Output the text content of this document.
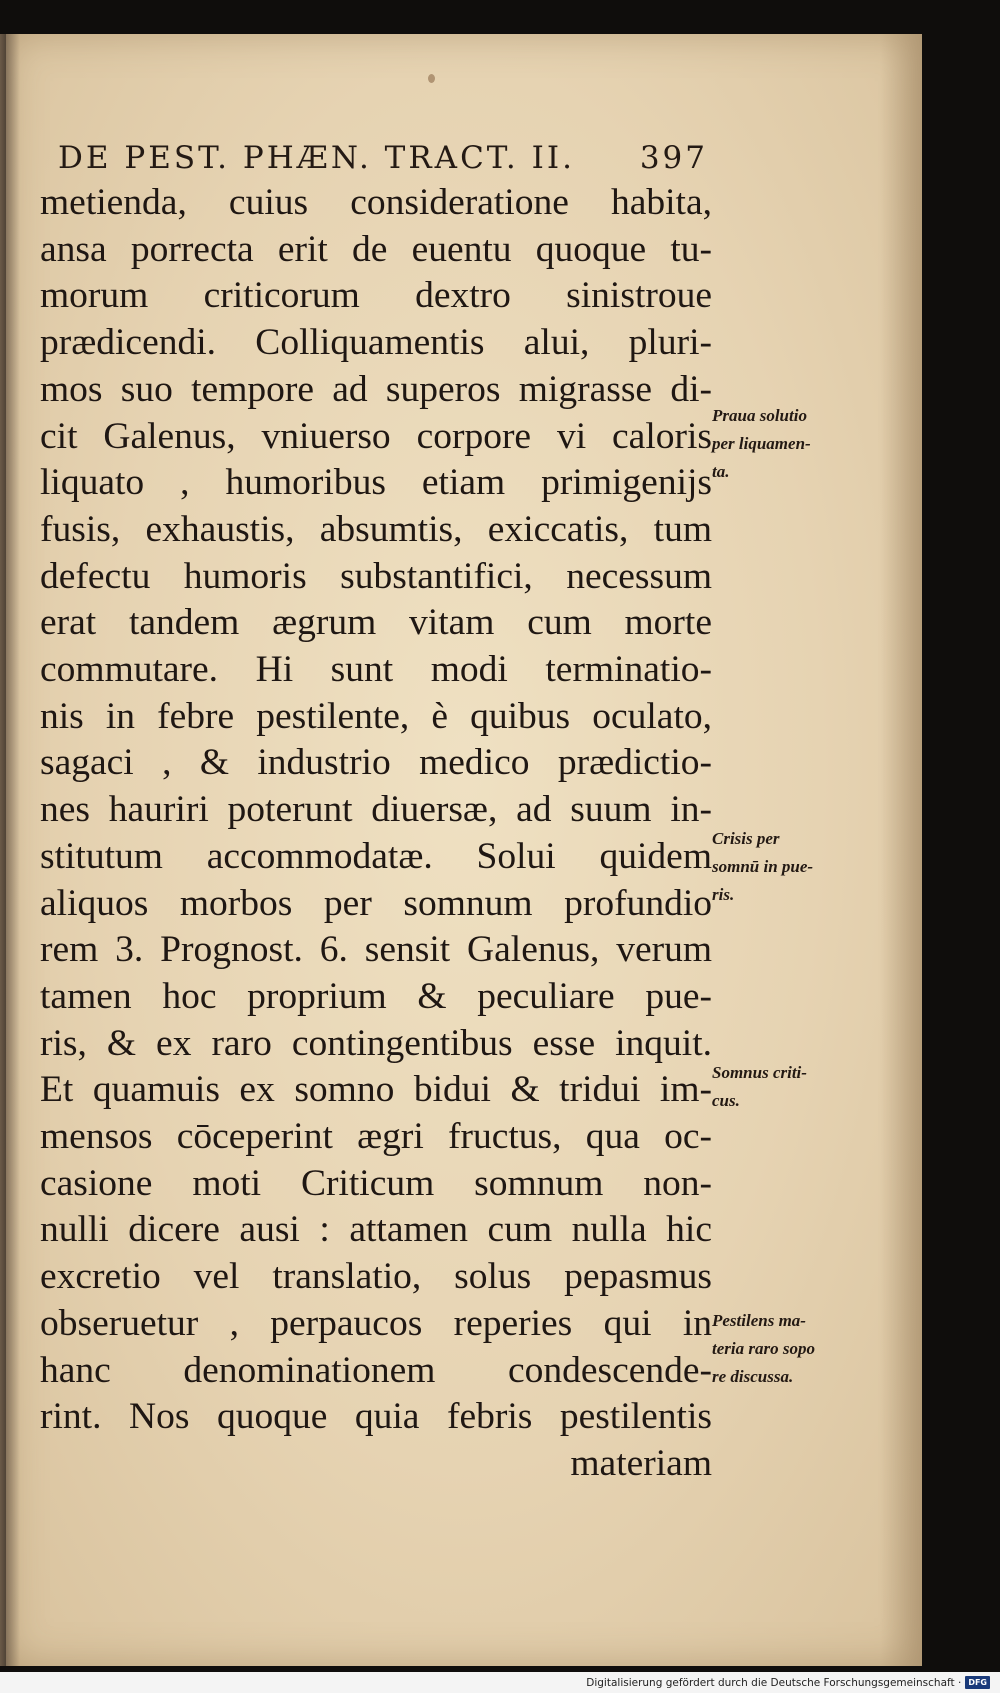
DE PEST. PHÆN. TRACT. II. 397
metienda, cuius consideratione habita,
ansa porrecta erit de euentu quoque tu-
morum criticorum dextro sinistroue
prædicendi. Colliquamentis alui, pluri-
mos suo tempore ad superos migrasse di-
cit Galenus, vniuerso corpore vi caloris
liquato , humoribus etiam primigenijs
fusis, exhaustis, absumtis, exiccatis, tum
defectu humoris substantifici, necessum
erat tandem ægrum vitam cum morte
commutare. Hi sunt modi terminatio-
nis in febre pestilente, è quibus oculato,
sagaci , & industrio medico prædictio-
nes hauriri poterunt diuersæ, ad suum in-
stitutum accommodatæ. Solui quidem
aliquos morbos per somnum profundio
rem 3. Prognost. 6. sensit Galenus, verum
tamen hoc proprium & peculiare pue-
ris, & ex raro contingentibus esse inquit.
Et quamuis ex somno bidui & tridui im-
mensos cōceperint ægri fructus, qua oc-
casione moti Criticum somnum non-
nulli dicere ausi : attamen cum nulla hic
excretio vel translatio, solus pepasmus
obseruetur , perpaucos reperies qui in
hanc denominationem condescende-
rint. Nos quoque quia febris pestilentis
materiam
Praua solutio
per liquamen-
ta.
Crisis per
somnū in pue-
ris.
Somnus criti-
cus.
Pestilens ma-
teria raro sopo
re discussa.
Digitalisierung gefördert durch die Deutsche Forschungsgemeinschaft · DFG
